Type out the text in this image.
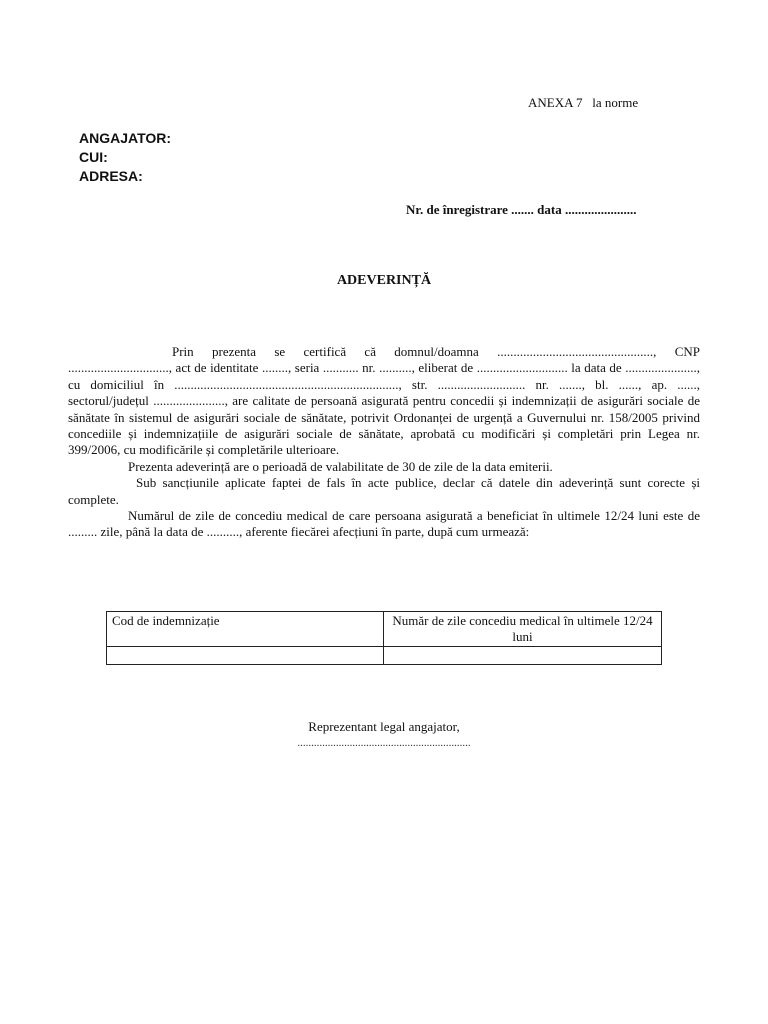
ANEXA 7   la norme
ANGAJATOR:
CUI:
ADRESA:
Nr. de înregistrare ....... data ......................
ADEVERINȚĂ

Prin prezenta se certifică că domnul/doamna ................................................, CNP ..............................., act de identitate ........, seria ........... nr. .........., eliberat de ............................ la data de ......................, cu domiciliul în ....................................................................., str. ........................... nr. ......., bl. ......, ap. ......, sectorul/județul ......................, are calitate de persoană asigurată pentru concedii și indemnizații de asigurări sociale de sănătate în sistemul de asigurări sociale de sănătate, potrivit Ordonanței de urgență a Guvernului nr. 158/2005 privind concediile și indemnizațiile de asigurări sociale de sănătate, aprobată cu modificări și completări prin Legea nr. 399/2006, cu modificările și completările ulterioare.

Prezenta adeverință are o perioadă de valabilitate de 30 de zile de la data emiterii.

Sub sancțiunile aplicate faptei de fals în acte publice, declar că datele din adeverință sunt corecte și complete.

Numărul de zile de concediu medical de care persoana asigurată a beneficiat în ultimele 12/24 luni este de ......... zile, până la data de .........., aferente fiecărei afecțiuni în parte, după cum urmează:

Cod de indemnizație	Număr de zile concediu medical în ultimele 12/24 luni

Reprezentant legal angajator,
...............................................................
